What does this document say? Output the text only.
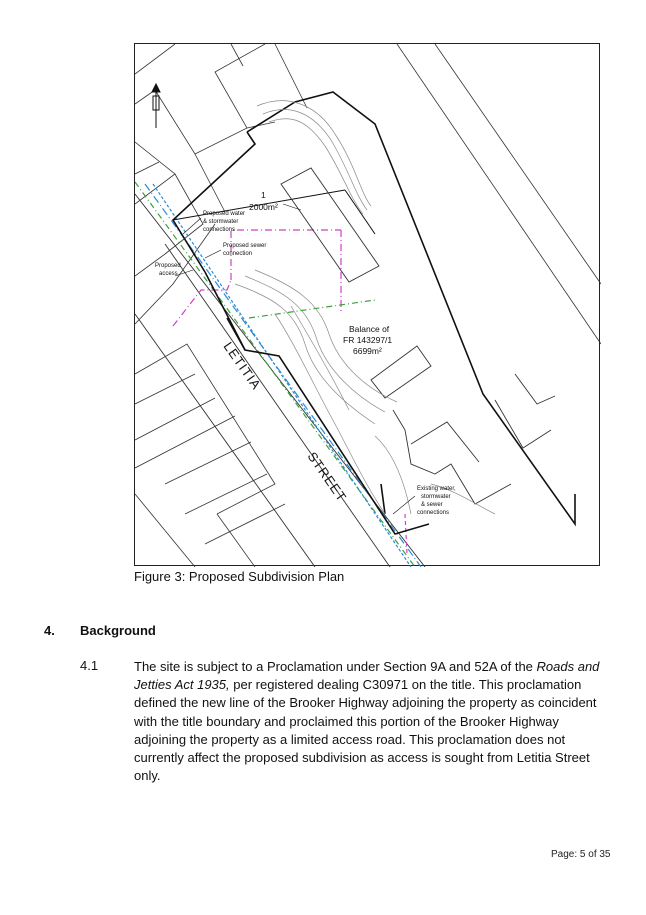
1
2000m²
Balance of
FR 143297/1
6699m²
Proposed water
& stormwater
connections
Proposed sewer
connection
Proposed
access
Existing water,
stormwater
& sewer
connections
LETITIA
STREET
Figure 3: Proposed Subdivision Plan
4. Background
4.1	The site is subject to a Proclamation under Section 9A and 52A of the Roads and Jetties Act 1935, per registered dealing C30971 on the title. This proclamation defined the new line of the Brooker Highway adjoining the property as coincident with the title boundary and proclaimed this portion of the Brooker Highway adjoining the property as a limited access road. This proclamation does not currently affect the proposed subdivision as access is sought from Letitia Street only.
Page: 5 of 35
